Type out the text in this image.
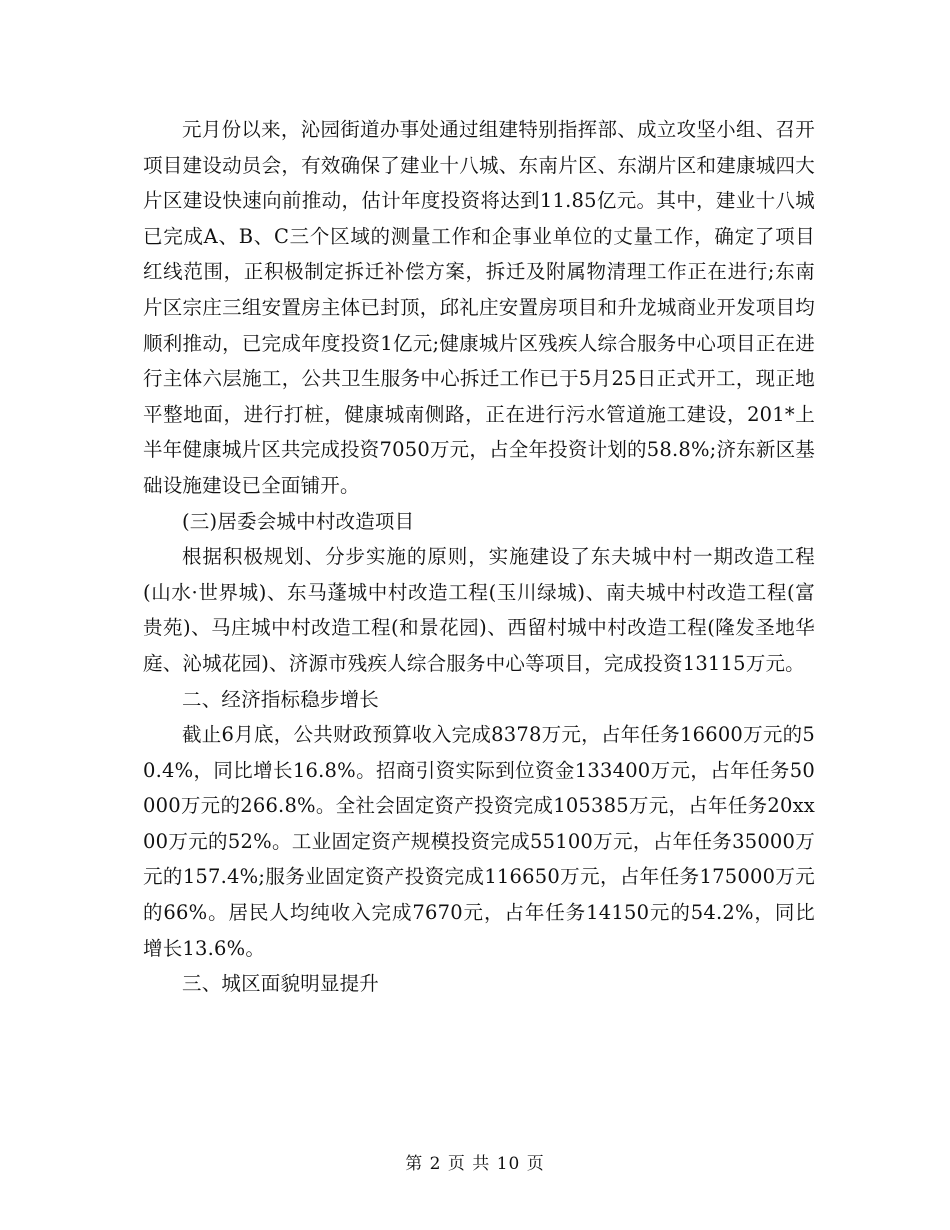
元月份以来，沁园街道办事处通过组建特别指挥部、成立攻坚小组、召开项目建设动员会，有效确保了建业十八城、东南片区、东湖片区和建康城四大片区建设快速向前推动，估计年度投资将达到11.85亿元。其中，建业十八城已完成A、B、C三个区域的测量工作和企事业单位的丈量工作，确定了项目红线范围，正积极制定拆迁补偿方案，拆迁及附属物清理工作正在进行;东南片区宗庄三组安置房主体已封顶，邱礼庄安置房项目和升龙城商业开发项目均顺利推动，已完成年度投资1亿元;健康城片区残疾人综合服务中心项目正在进行主体六层施工，公共卫生服务中心拆迁工作已于5月25日正式开工，现正地平整地面，进行打桩，健康城南侧路，正在进行污水管道施工建设，201*上半年健康城片区共完成投资7050万元，占全年投资计划的58.8%;济东新区基础设施建设已全面铺开。

(三)居委会城中村改造项目

根据积极规划、分步实施的原则，实施建设了东夫城中村一期改造工程(山水·世界城)、东马蓬城中村改造工程(玉川绿城)、南夫城中村改造工程(富贵苑)、马庄城中村改造工程(和景花园)、西留村城中村改造工程(隆发圣地华庭、沁城花园)、济源市残疾人综合服务中心等项目，完成投资13115万元。

二、经济指标稳步增长

截止6月底，公共财政预算收入完成8378万元，占年任务16600万元的50.4%，同比增长16.8%。招商引资实际到位资金133400万元，占年任务50000万元的266.8%。全社会固定资产投资完成105385万元，占年任务20xx00万元的52%。工业固定资产规模投资完成55100万元，占年任务35000万元的157.4%;服务业固定资产投资完成116650万元，占年任务175000万元的66%。居民人均纯收入完成7670元，占年任务14150元的54.2%，同比增长13.6%。

三、城区面貌明显提升

第 2 页 共 10 页
